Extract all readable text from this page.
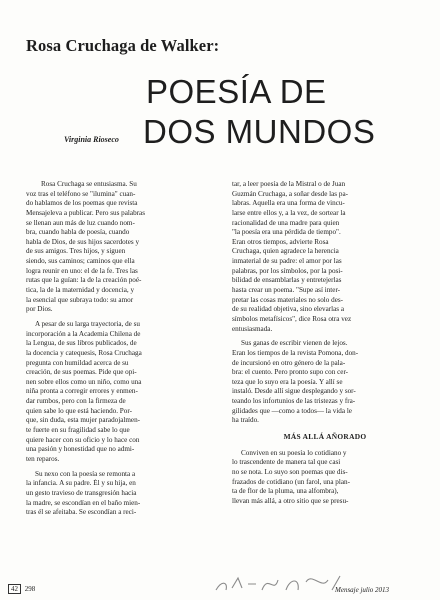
Rosa Cruchaga de Walker:
POESÍA DE
DOS MUNDOS
Virginia Rioseco
Rosa Cruchaga se entusiasma. Su
voz tras el teléfono se "ilumina" cuan-
do hablamos de los poemas que revista
Mensajeleva a publicar. Pero sus palabras
se llenan aun más de luz cuando nom-
bra, cuando habla de poesía, cuando
habla de Dios, de sus hijos sacerdotes y
de sus amigos. Tres hijos, y siguen
siendo, sus caminos; caminos que ella
logra reunir en uno: el de la fe. Tres las
rutas que la guían: la de la creación poé-
tica, la de la maternidad y docencia, y
la esencial que subraya todo: su amor
por Dios.
A pesar de su larga trayectoria, de su
incorporación a la Academia Chilena de
la Lengua, de sus libros publicados, de
la docencia y catequesis, Rosa Cruchaga
pregunta con humildad acerca de su
creación, de sus poemas. Pide que opi-
nen sobre ellos como un niño, como una
niña pronta a corregir errores y enmen-
dar rumbos, pero con la firmeza de
quien sabe lo que está haciendo. Por-
que, sin duda, esta mujer paradojalmen-
te fuerte en su fragilidad sabe lo que
quiere hacer con su oficio y lo hace con
una pasión y honestidad que no admi-
ten reparos.
Su nexo con la poesía se remonta a
la infancia. A su padre. Él y su hija, en
un gesto travieso de transgresión hacia
la madre, se escondían en el baño mien-
tras él se afeitaba. Se escondían a reci-
tar, a leer poesía de la Mistral o de Juan
Guzmán Cruchaga, a soñar desde las pa-
labras. Aquella era una forma de vincu-
larse entre ellos y, a la vez, de sortear la
racionalidad de una madre para quien
"la poesía era una pérdida de tiempo".
Eran otros tiempos, advierte Rosa
Cruchaga, quien agradece la herencia
inmaterial de su padre: el amor por las
palabras, por los símbolos, por la posi-
bilidad de ensamblarlas y entretejerlas
hasta crear un poema. "Supe así inter-
pretar las cosas materiales no solo des-
de su realidad objetiva, sino elevarlas a
símbolos metafísicos", dice Rosa otra vez
entusiasmada.
Sus ganas de escribir vienen de lejos.
Eran los tiempos de la revista Pomona, don-
de incursionó en otro género de la pala-
bra: el cuento. Pero pronto supo con cer-
teza que lo suyo era la poesía. Y allí se
instaló. Desde allí sigue desplegando y sor-
teando los infortunios de las tristezas y fra-
gilidades que —como a todos— la vida le
ha traído.
MÁS ALLÁ AÑORADO
Conviven en su poesía lo cotidiano y
lo trascendente de manera tal que casi
no se nota. Lo suyo son poemas que dis-
frazados de cotidiano (un farol, una plan-
ta de flor de la pluma, una alfombra),
llevan más allá, a otro sitio que se presu-
42 298	Mensaje julio 2013
